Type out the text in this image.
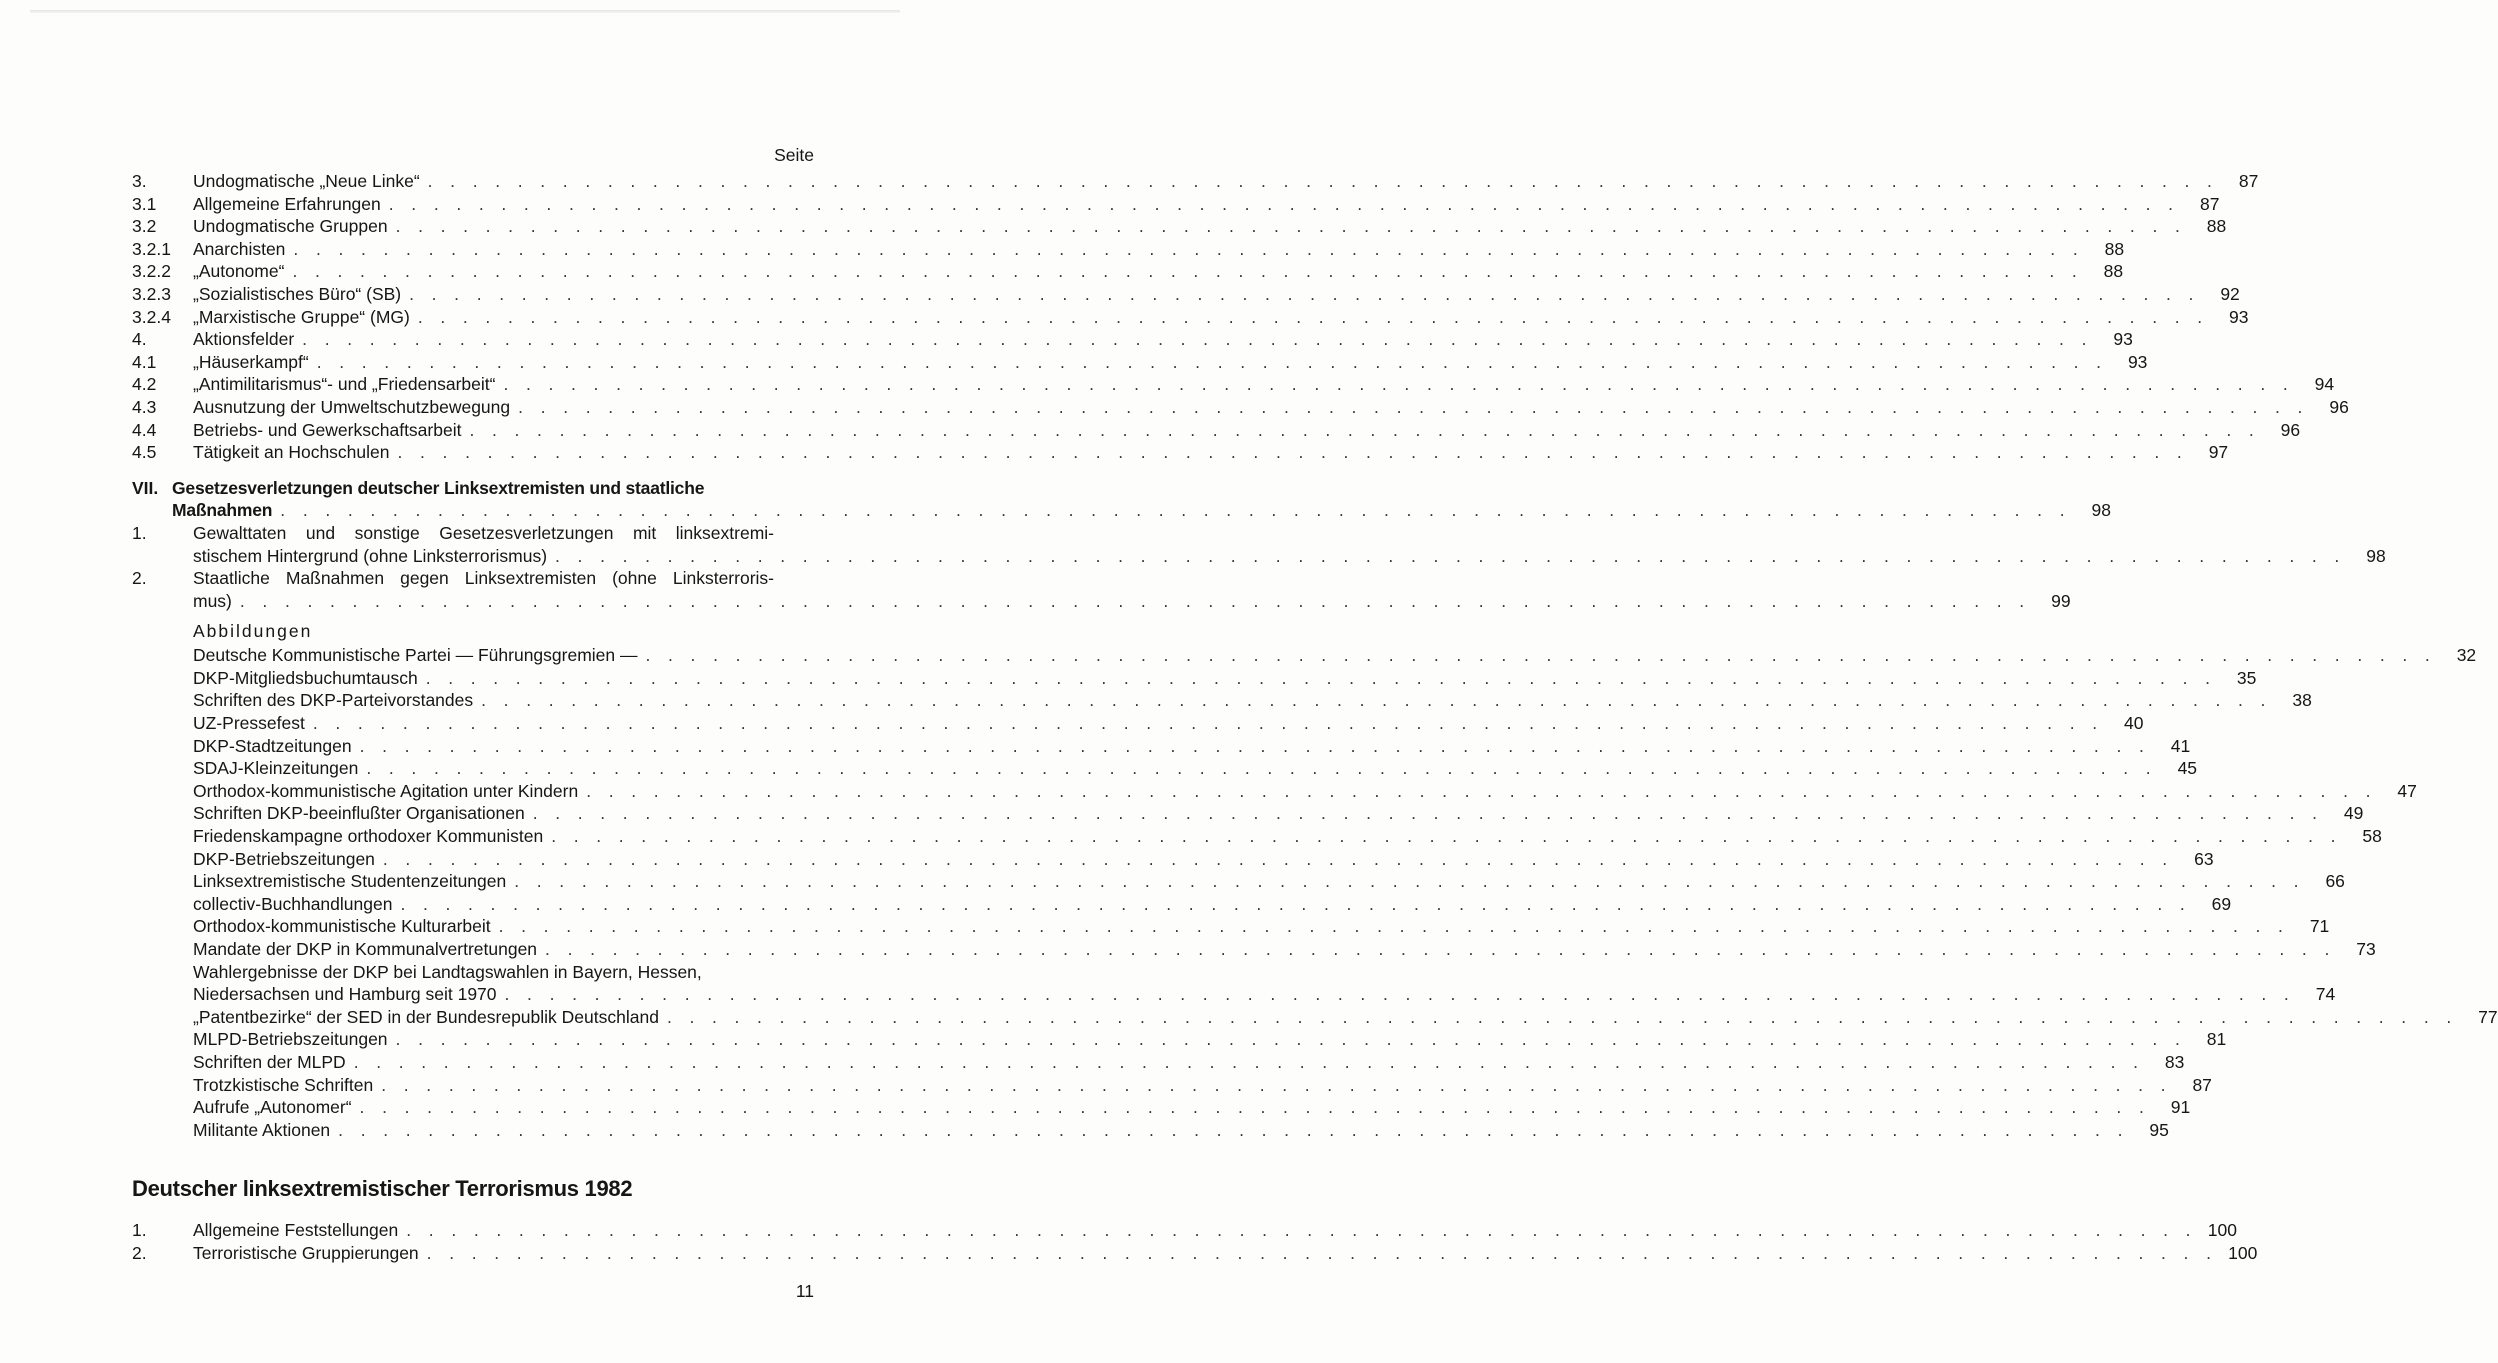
Seite
3.	Undogmatische „Neue Linke“ . . . . . . . . . . . . . . . . . . . . . . . . . . . . . . . . . . . . . . . . . . . . . . . . . . . . . . . . . . . . . . . . . . . . . . . . . . . . . . . .	87
3.1	Allgemeine Erfahrungen . . . . . . . . . . . . . . . . . . . . . . . . . . . . . . . . . . . . . . . . . . . . . . . . . . . . . . . . . . . . . . . . . . . . . . . . . . . . . . . .	87
3.2	Undogmatische Gruppen . . . . . . . . . . . . . . . . . . . . . . . . . . . . . . . . . . . . . . . . . . . . . . . . . . . . . . . . . . . . . . . . . . . . . . . . . . . . . . . .	88
3.2.1	Anarchisten . . . . . . . . . . . . . . . . . . . . . . . . . . . . . . . . . . . . . . . . . . . . . . . . . . . . . . . . . . . . . . . . . . . . . . . . . . . . . . . .	88
3.2.2	„Autonome“ . . . . . . . . . . . . . . . . . . . . . . . . . . . . . . . . . . . . . . . . . . . . . . . . . . . . . . . . . . . . . . . . . . . . . . . . . . . . . . . .	88
3.2.3	„Sozialistisches Büro“ (SB) . . . . . . . . . . . . . . . . . . . . . . . . . . . . . . . . . . . . . . . . . . . . . . . . . . . . . . . . . . . . . . . . . . . . . . . . . . . . . . . .	92
3.2.4	„Marxistische Gruppe“ (MG) . . . . . . . . . . . . . . . . . . . . . . . . . . . . . . . . . . . . . . . . . . . . . . . . . . . . . . . . . . . . . . . . . . . . . . . . . . . . . . . .	93
4.	Aktionsfelder . . . . . . . . . . . . . . . . . . . . . . . . . . . . . . . . . . . . . . . . . . . . . . . . . . . . . . . . . . . . . . . . . . . . . . . . . . . . . . . .	93
4.1	„Häuserkampf“ . . . . . . . . . . . . . . . . . . . . . . . . . . . . . . . . . . . . . . . . . . . . . . . . . . . . . . . . . . . . . . . . . . . . . . . . . . . . . . . .	93
4.2	„Antimilitarismus“- und „Friedensarbeit“ . . . . . . . . . . . . . . . . . . . . . . . . . . . . . . . . . . . . . . . . . . . . . . . . . . . . . . . . . . . . . . . . . . . . . . . . . . . . . . . .	94
4.3	Ausnutzung der Umweltschutzbewegung . . . . . . . . . . . . . . . . . . . . . . . . . . . . . . . . . . . . . . . . . . . . . . . . . . . . . . . . . . . . . . . . . . . . . . . . . . . . . . . .	96
4.4	Betriebs- und Gewerkschaftsarbeit . . . . . . . . . . . . . . . . . . . . . . . . . . . . . . . . . . . . . . . . . . . . . . . . . . . . . . . . . . . . . . . . . . . . . . . . . . . . . . . .	96
4.5	Tätigkeit an Hochschulen . . . . . . . . . . . . . . . . . . . . . . . . . . . . . . . . . . . . . . . . . . . . . . . . . . . . . . . . . . . . . . . . . . . . . . . . . . . . . . . .	97
VII. Gesetzesverletzungen deutscher Linksextremisten und staatliche
Maßnahmen . . . . . . . . . . . . . . . . . . . . . . . . . . . . . . . . . . . . . . . . . . . . . . . . . . . . . . . . . . . . . . . . . . . . . . . . . . . . . . . .	98
1.	Gewalttaten und sonstige Gesetzesverletzungen mit linksextremi-
stischem Hintergrund (ohne Linksterrorismus) . . . . . . . . . . . . . . . . . . . . . . . . . . . . . . . . . . . . . . . . . . . . . . . . . . . . . . . . . . . . . . . . . . . . . . . . . . . . . . . .	98
2.	Staatliche Maßnahmen gegen Linksextremisten (ohne Linksterroris-
mus) . . . . . . . . . . . . . . . . . . . . . . . . . . . . . . . . . . . . . . . . . . . . . . . . . . . . . . . . . . . . . . . . . . . . . . . . . . . . . . . .	99
Abbildungen
Deutsche Kommunistische Partei — Führungsgremien — . . . . . . . . . . . . . . . . . . . . . . . . . . . . . . . . . . . . . . . . . . . . . . . . . . . . . . . . . . . . . . . . . . . . . . . . . . . . . . . .	32
DKP-Mitgliedsbuchumtausch . . . . . . . . . . . . . . . . . . . . . . . . . . . . . . . . . . . . . . . . . . . . . . . . . . . . . . . . . . . . . . . . . . . . . . . . . . . . . . . .	35
Schriften des DKP-Parteivorstandes . . . . . . . . . . . . . . . . . . . . . . . . . . . . . . . . . . . . . . . . . . . . . . . . . . . . . . . . . . . . . . . . . . . . . . . . . . . . . . . .	38
UZ-Pressefest . . . . . . . . . . . . . . . . . . . . . . . . . . . . . . . . . . . . . . . . . . . . . . . . . . . . . . . . . . . . . . . . . . . . . . . . . . . . . . . .	40
DKP-Stadtzeitungen . . . . . . . . . . . . . . . . . . . . . . . . . . . . . . . . . . . . . . . . . . . . . . . . . . . . . . . . . . . . . . . . . . . . . . . . . . . . . . . .	41
SDAJ-Kleinzeitungen . . . . . . . . . . . . . . . . . . . . . . . . . . . . . . . . . . . . . . . . . . . . . . . . . . . . . . . . . . . . . . . . . . . . . . . . . . . . . . . .	45
Orthodox-kommunistische Agitation unter Kindern . . . . . . . . . . . . . . . . . . . . . . . . . . . . . . . . . . . . . . . . . . . . . . . . . . . . . . . . . . . . . . . . . . . . . . . . . . . . . . . .	47
Schriften DKP-beeinflußter Organisationen . . . . . . . . . . . . . . . . . . . . . . . . . . . . . . . . . . . . . . . . . . . . . . . . . . . . . . . . . . . . . . . . . . . . . . . . . . . . . . . .	49
Friedenskampagne orthodoxer Kommunisten . . . . . . . . . . . . . . . . . . . . . . . . . . . . . . . . . . . . . . . . . . . . . . . . . . . . . . . . . . . . . . . . . . . . . . . . . . . . . . . .	58
DKP-Betriebszeitungen . . . . . . . . . . . . . . . . . . . . . . . . . . . . . . . . . . . . . . . . . . . . . . . . . . . . . . . . . . . . . . . . . . . . . . . . . . . . . . . .	63
Linksextremistische Studentenzeitungen . . . . . . . . . . . . . . . . . . . . . . . . . . . . . . . . . . . . . . . . . . . . . . . . . . . . . . . . . . . . . . . . . . . . . . . . . . . . . . . .	66
collectiv-Buchhandlungen . . . . . . . . . . . . . . . . . . . . . . . . . . . . . . . . . . . . . . . . . . . . . . . . . . . . . . . . . . . . . . . . . . . . . . . . . . . . . . . .	69
Orthodox-kommunistische Kulturarbeit . . . . . . . . . . . . . . . . . . . . . . . . . . . . . . . . . . . . . . . . . . . . . . . . . . . . . . . . . . . . . . . . . . . . . . . . . . . . . . . .	71
Mandate der DKP in Kommunalvertretungen . . . . . . . . . . . . . . . . . . . . . . . . . . . . . . . . . . . . . . . . . . . . . . . . . . . . . . . . . . . . . . . . . . . . . . . . . . . . . . . .	73
Wahlergebnisse der DKP bei Landtagswahlen in Bayern, Hessen,
Niedersachsen und Hamburg seit 1970 . . . . . . . . . . . . . . . . . . . . . . . . . . . . . . . . . . . . . . . . . . . . . . . . . . . . . . . . . . . . . . . . . . . . . . . . . . . . . . . .	74
„Patentbezirke“ der SED in der Bundesrepublik Deutschland . . . . . . . . . . . . . . . . . . . . . . . . . . . . . . . . . . . . . . . . . . . . . . . . . . . . . . . . . . . . . . . . . . . . . . . . . . . . . . . .	77
MLPD-Betriebszeitungen . . . . . . . . . . . . . . . . . . . . . . . . . . . . . . . . . . . . . . . . . . . . . . . . . . . . . . . . . . . . . . . . . . . . . . . . . . . . . . . .	81
Schriften der MLPD . . . . . . . . . . . . . . . . . . . . . . . . . . . . . . . . . . . . . . . . . . . . . . . . . . . . . . . . . . . . . . . . . . . . . . . . . . . . . . . .	83
Trotzkistische Schriften . . . . . . . . . . . . . . . . . . . . . . . . . . . . . . . . . . . . . . . . . . . . . . . . . . . . . . . . . . . . . . . . . . . . . . . . . . . . . . . .	87
Aufrufe „Autonomer“ . . . . . . . . . . . . . . . . . . . . . . . . . . . . . . . . . . . . . . . . . . . . . . . . . . . . . . . . . . . . . . . . . . . . . . . . . . . . . . . .	91
Militante Aktionen . . . . . . . . . . . . . . . . . . . . . . . . . . . . . . . . . . . . . . . . . . . . . . . . . . . . . . . . . . . . . . . . . . . . . . . . . . . . . . . .	95
Deutscher linksextremistischer Terrorismus 1982
1.	Allgemeine Feststellungen . . . . . . . . . . . . . . . . . . . . . . . . . . . . . . . . . . . . . . . . . . . . . . . . . . . . . . . . . . . . . . . . . . . . . . . . . . . . . . . . 100
2.	Terroristische Gruppierungen . . . . . . . . . . . . . . . . . . . . . . . . . . . . . . . . . . . . . . . . . . . . . . . . . . . . . . . . . . . . . . . . . . . . . . . . . . . . . . . . 100
11
